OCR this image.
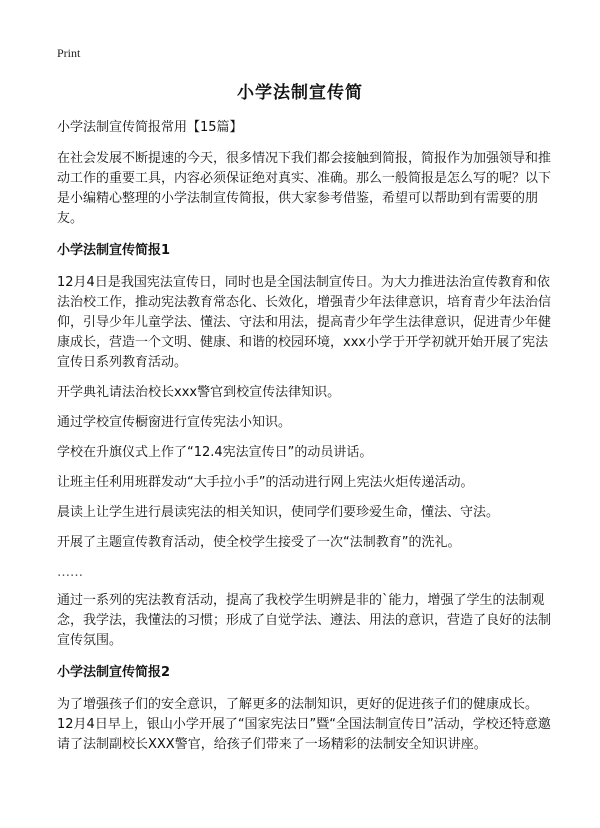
Print
小学法制宣传简

小学法制宣传简报常用【15篇】

在社会发展不断提速的今天，很多情况下我们都会接触到简报，简报作为加强领导和推动工作的重要工具，内容必须保证绝对真实、准确。那么一般简报是怎么写的呢？以下是小编精心整理的小学法制宣传简报，供大家参考借鉴，希望可以帮助到有需要的朋友。

小学法制宣传简报1

12月4日是我国宪法宣传日，同时也是全国法制宣传日。为大力推进法治宣传教育和依法治校工作，推动宪法教育常态化、长效化，增强青少年法律意识，培育青少年法治信仰，引导少年儿童学法、懂法、守法和用法，提高青少年学生法律意识，促进青少年健康成长，营造一个文明、健康、和谐的校园环境，xxx小学于开学初就开始开展了宪法宣传日系列教育活动。

开学典礼请法治校长xxx警官到校宣传法律知识。

通过学校宣传橱窗进行宣传宪法小知识。

学校在升旗仪式上作了“12.4宪法宣传日”的动员讲话。

让班主任利用班群发动“大手拉小手”的活动进行网上宪法火炬传递活动。

晨读上让学生进行晨读宪法的相关知识，使同学们要珍爱生命，懂法、守法。

开展了主题宣传教育活动，使全校学生接受了一次“法制教育”的洗礼。

……

通过一系列的宪法教育活动，提高了我校学生明辨是非的`能力，增强了学生的法制观念，我学法，我懂法的习惯；形成了自觉学法、遵法、用法的意识，营造了良好的法制宣传氛围。

小学法制宣传简报2

为了增强孩子们的安全意识，了解更多的法制知识，更好的促进孩子们的健康成长。12月4日早上，银山小学开展了“国家宪法日”暨“全国法制宣传日”活动，学校还特意邀请了法制副校长XXX警官，给孩子们带来了一场精彩的法制安全知识讲座。
